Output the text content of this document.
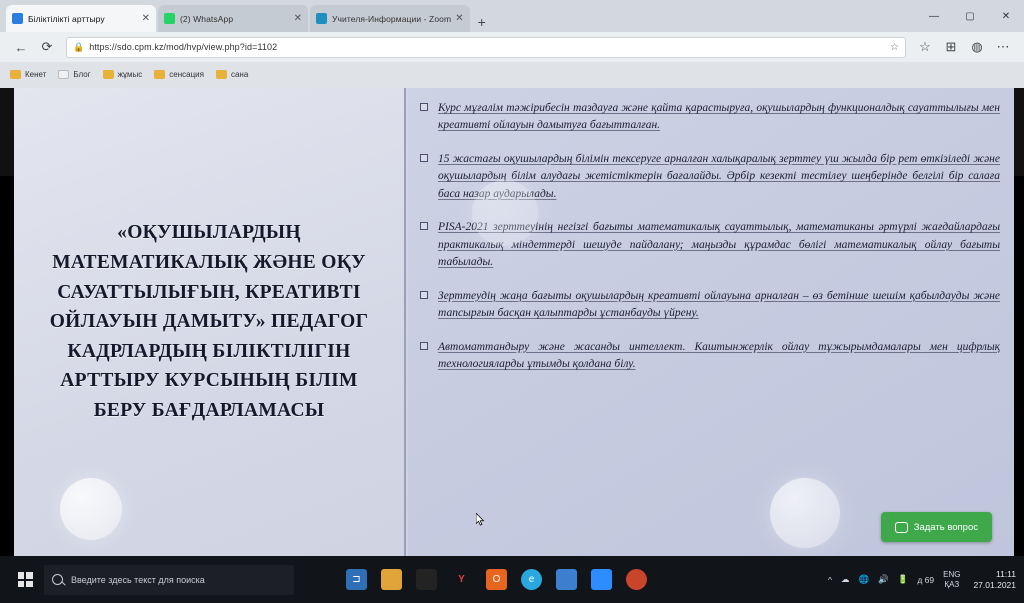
Бiлiктiлiктi арттыру	✕	(2) WhatsApp	✕	Учителя-Информации - Zoom ✕	+	—	▢	✕
←	⟳	🔒 https://sdo.cpm.kz/mod/hvp/view.php?id=1102	☆	☆	⊞	◍	⋯
Кенет	Блог	жұмыс	сенсация	сана
«ОҚУШЫЛАРДЫҢ МАТЕМАТИКАЛЫҚ ЖӘНЕ ОҚУ САУАТТЫЛЫҒЫН, КРЕАТИВТІ ОЙЛАУЫН ДАМЫТУ» ПЕДАГОГ КАДРЛАРДЫҢ БІЛІКТІЛІГІН АРТТЫРУ КУРСЫНЫҢ БІЛІМ БЕРУ БАҒДАРЛАМАСЫ
Курс мұғалім тәжірибесін таздауға және қайта қарастыруға, оқушылардың функционалдық сауаттылығы мен креативті ойлауын дамытуға бағытталған.
15 жастағы оқушылардың білімін тексеруге арналған халықаралық зерттеу үш жылда бір рет өткізіледі және оқушылардың білім алудағы жетістіктерін бағалайды. Әрбір кезекті тестілеу шеңберінде белгілі бір салаға баса назар аударылады.
PISA-2021 зерттеуінің негізгі бағыты математикалық сауаттылық, математиканы әртүрлі жағдайлардағы практикалық міндеттерді шешуде пайдалану; маңызды құрамдас бөлігі математикалық ойлау бағыты табылады.
Зерттеудің жаңа бағыты оқушылардың креативті ойлауына арналған – өз бетінше шешім қабылдауды және тапсырғын басқан қалыптарды ұстанбауды үйрену.
Автоматтандыру және жасанды интеллект. Каштынжерлік ойлау тұжырымдамалары мен цифрлық технологияларды ұтымды қолдана білу.
Задать вопрос
Введите здесь текст для поиска	⊐	Y	O	e	^ ☁ 🌐 🔊 🔋 д 69
ENG
ҚАЗ
11:11
27.01.2021
